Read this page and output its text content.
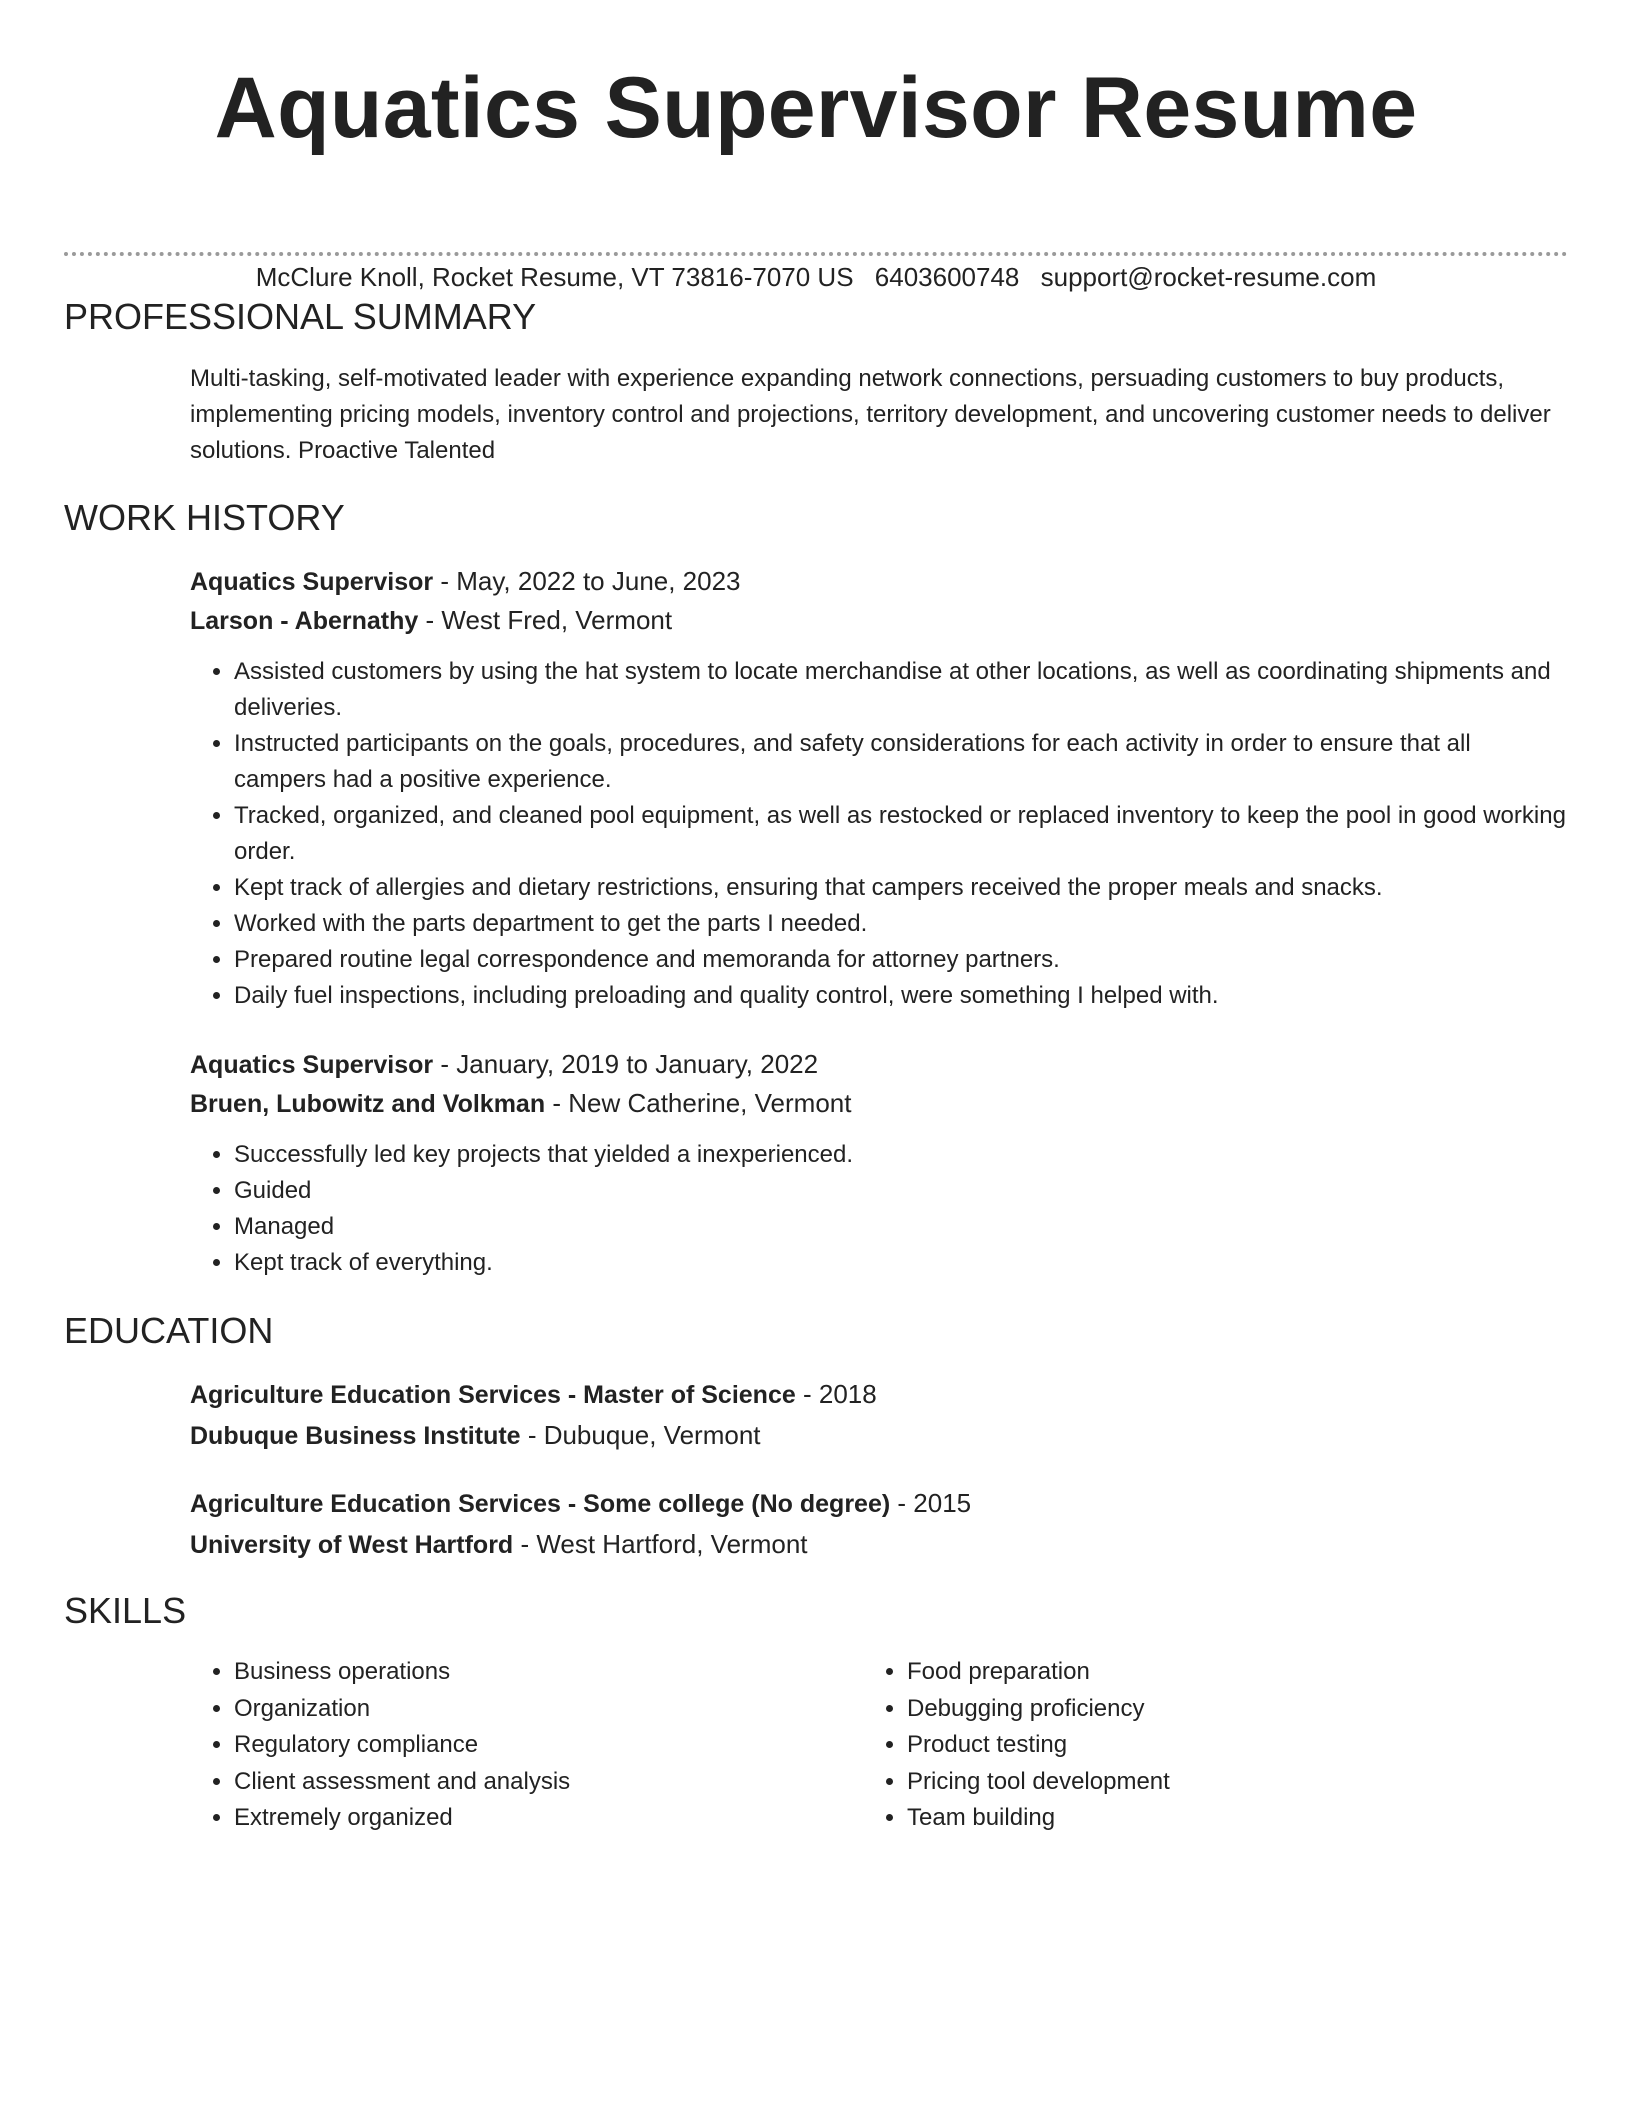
Aquatics Supervisor Resume
McClure Knoll, Rocket Resume, VT 73816-7070 US 6403600748 support@rocket-resume.com
PROFESSIONAL SUMMARY

Multi-tasking, self-motivated leader with experience expanding network connections, persuading customers to buy products, implementing pricing models, inventory control and projections, territory development, and uncovering customer needs to deliver solutions. Proactive Talented

WORK HISTORY

Aquatics Supervisor - May, 2022 to June, 2023

Larson - Abernathy - West Fred, Vermont

• Assisted customers by using the hat system to locate merchandise at other locations, as well as coordinating shipments and deliveries.
• Instructed participants on the goals, procedures, and safety considerations for each activity in order to ensure that all campers had a positive experience.
• Tracked, organized, and cleaned pool equipment, as well as restocked or replaced inventory to keep the pool in good working order.
• Kept track of allergies and dietary restrictions, ensuring that campers received the proper meals and snacks.
• Worked with the parts department to get the parts I needed.
• Prepared routine legal correspondence and memoranda for attorney partners.
• Daily fuel inspections, including preloading and quality control, were something I helped with.

Aquatics Supervisor - January, 2019 to January, 2022

Bruen, Lubowitz and Volkman - New Catherine, Vermont

• Successfully led key projects that yielded a inexperienced.
• Guided
• Managed
• Kept track of everything.
EDUCATION

Agriculture Education Services - Master of Science - 2018

Dubuque Business Institute - Dubuque, Vermont

Agriculture Education Services - Some college (No degree) - 2015

University of West Hartford - West Hartford, Vermont

SKILLS
• Business operations
• Organization
• Regulatory compliance
• Client assessment and analysis
• Extremely organized
• Food preparation
• Debugging proficiency
• Product testing
• Pricing tool development
• Team building
